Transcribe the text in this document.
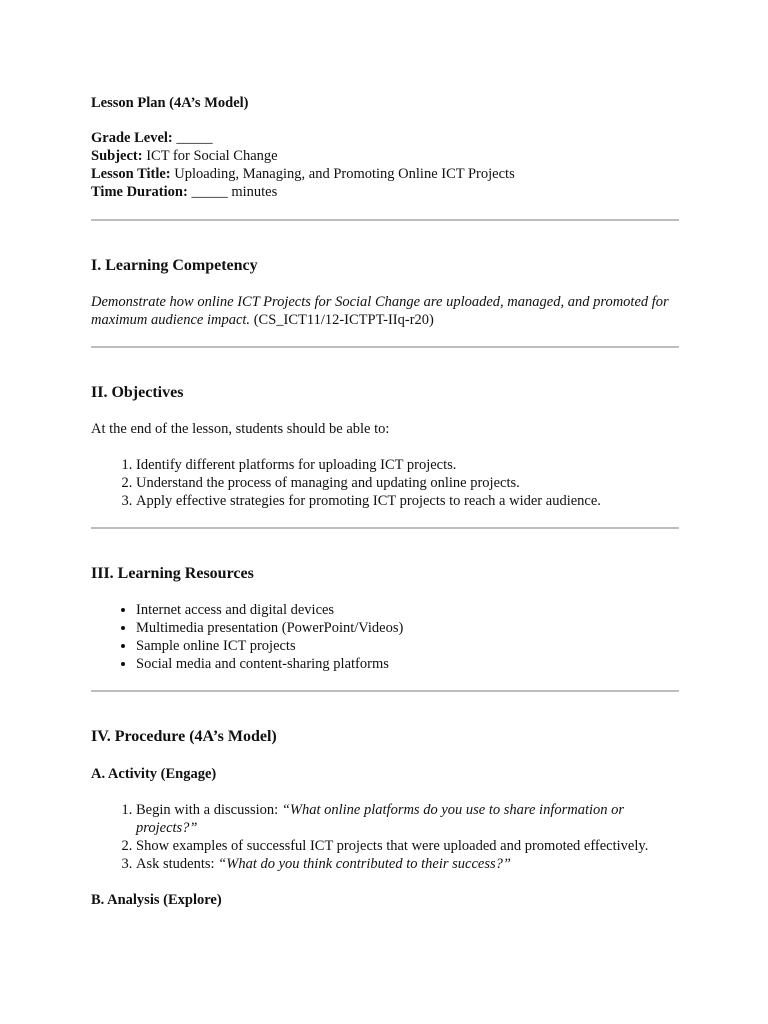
Lesson Plan (4A’s Model)

Grade Level: _____

Subject: ICT for Social Change

Lesson Title: Uploading, Managing, and Promoting Online ICT Projects

Time Duration: _____ minutes

I. Learning Competency

Demonstrate how online ICT Projects for Social Change are uploaded, managed, and promoted for maximum audience impact. (CS_ICT11/12-ICTPT-IIq-r20)

II. Objectives

At the end of the lesson, students should be able to:

1. Identify different platforms for uploading ICT projects.
2. Understand the process of managing and updating online projects.
3. Apply effective strategies for promoting ICT projects to reach a wider audience.
III. Learning Resources
• Internet access and digital devices
• Multimedia presentation (PowerPoint/Videos)
• Sample online ICT projects
• Social media and content-sharing platforms
IV. Procedure (4A’s Model)
A. Activity (Engage)
1. Begin with a discussion: “What online platforms do you use to share information or projects?”
2. Show examples of successful ICT projects that were uploaded and promoted effectively.
3. Ask students: “What do you think contributed to their success?”
B. Analysis (Explore)
